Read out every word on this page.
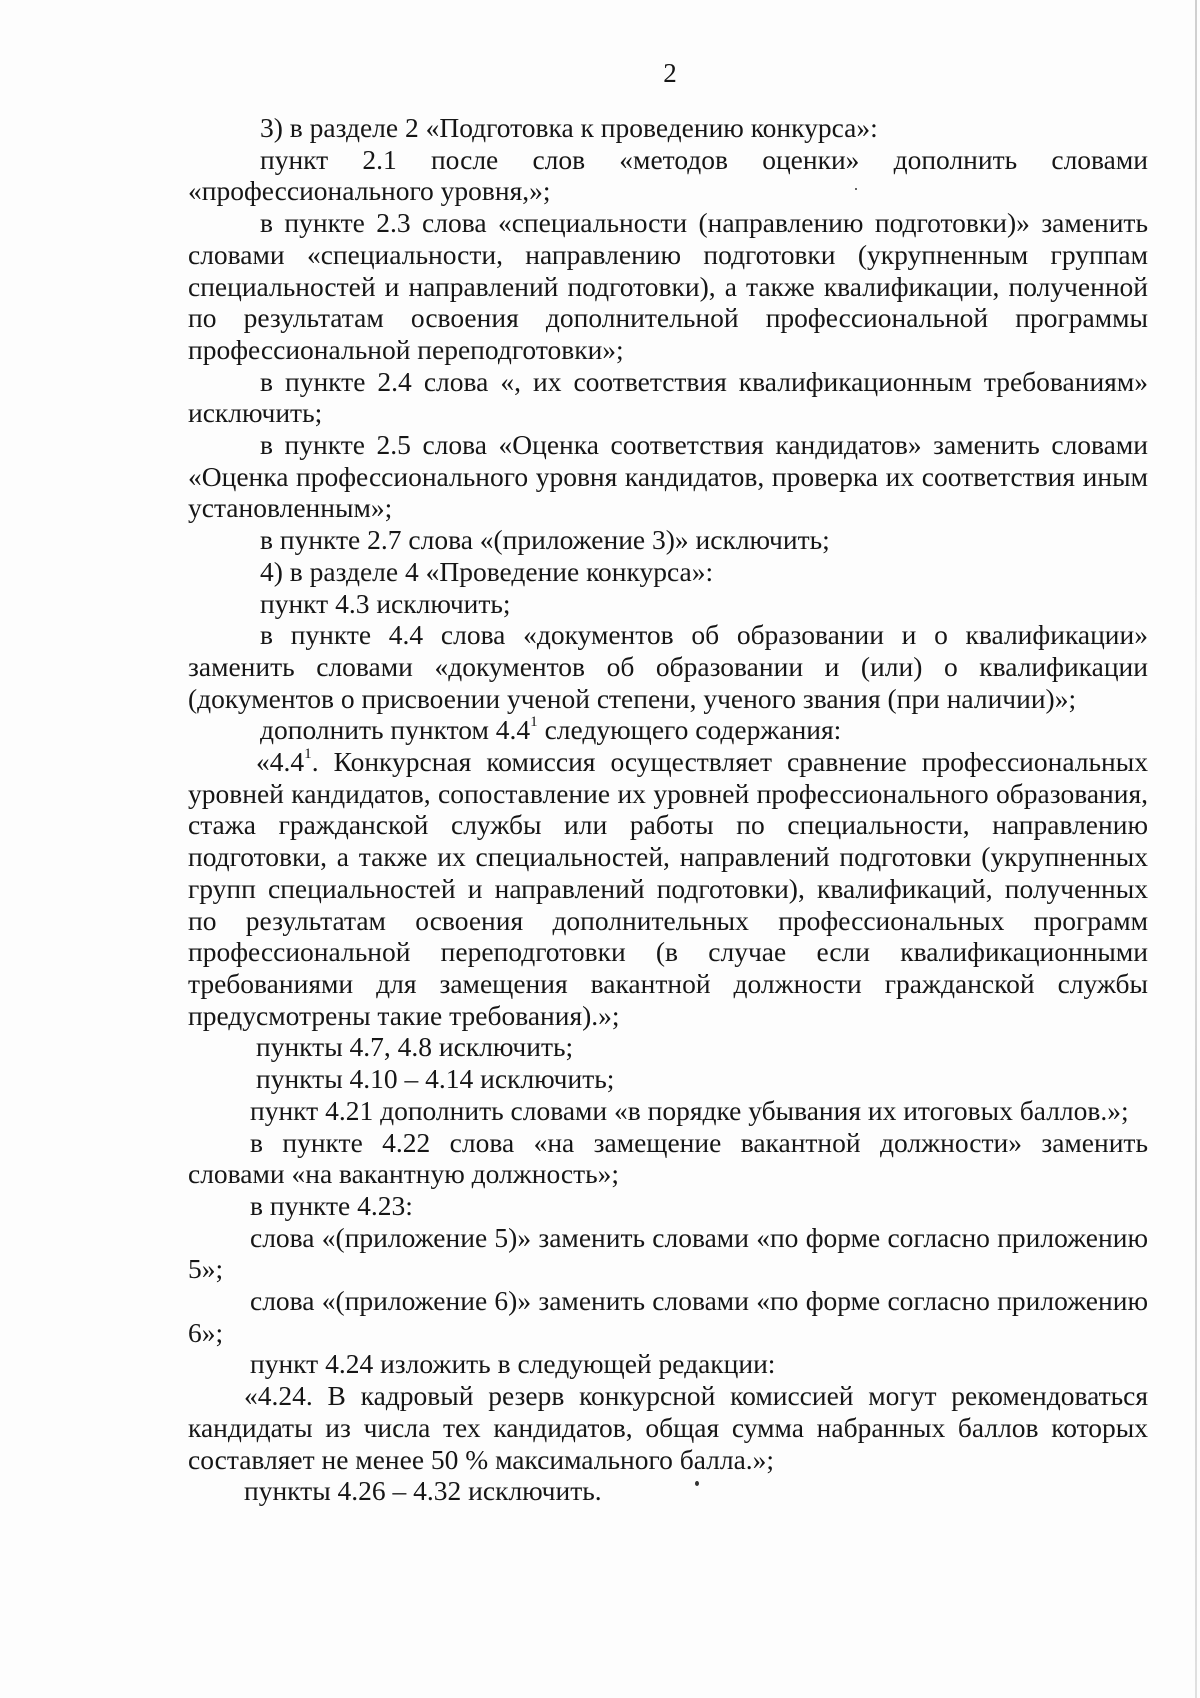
2

3) в разделе 2 «Подготовка к проведению конкурса»:

пункт 2.1 после слов «методов оценки» дополнить словами «профессионального уровня,»;

в пункте 2.3 слова «специальности (направлению подготовки)» заменить словами «специальности, направлению подготовки (укрупненным группам специальностей и направлений подготовки), а также квалификации, полученной по результатам освоения дополнительной профессиональной программы профессиональной переподготовки»;

в пункте 2.4 слова «, их соответствия квалификационным требованиям» исключить;

в пункте 2.5 слова «Оценка соответствия кандидатов» заменить словами «Оценка профессионального уровня кандидатов, проверка их соответствия иным установленным»;

в пункте 2.7 слова «(приложение 3)» исключить;

4) в разделе 4 «Проведение конкурса»:

пункт 4.3 исключить;

в пункте 4.4 слова «документов об образовании и о квалификации» заменить словами «документов об образовании и (или) о квалификации (документов о присвоении ученой степени, ученого звания (при наличии)»;

дополнить пунктом $4.4^1$ следующего содержания:

«$4.4^1$. Конкурсная комиссия осуществляет сравнение профессиональных уровней кандидатов, сопоставление их уровней профессионального образования, стажа гражданской службы или работы по специальности, направлению подготовки, а также их специальностей, направлений подготовки (укрупненных групп специальностей и направлений подготовки), квалификаций, полученных по результатам освоения дополнительных профессиональных программ профессиональной переподготовки (в случае если квалификационными требованиями для замещения вакантной должности гражданской службы предусмотрены такие требования).»;

пункты 4.7, 4.8 исключить;

пункты 4.10 – 4.14 исключить;

пункт 4.21 дополнить словами «в порядке убывания их итоговых баллов.»;

в пункте 4.22 слова «на замещение вакантной должности» заменить словами «на вакантную должность»;

в пункте 4.23:

слова «(приложение 5)» заменить словами «по форме согласно приложению 5»;

слова «(приложение 6)» заменить словами «по форме согласно приложению 6»;

пункт 4.24 изложить в следующей редакции:

«4.24. В кадровый резерв конкурсной комиссией могут рекомендоваться кандидаты из числа тех кандидатов, общая сумма набранных баллов которых составляет не менее 50 % максимального балла.»;

пункты 4.26 – 4.32 исключить.
